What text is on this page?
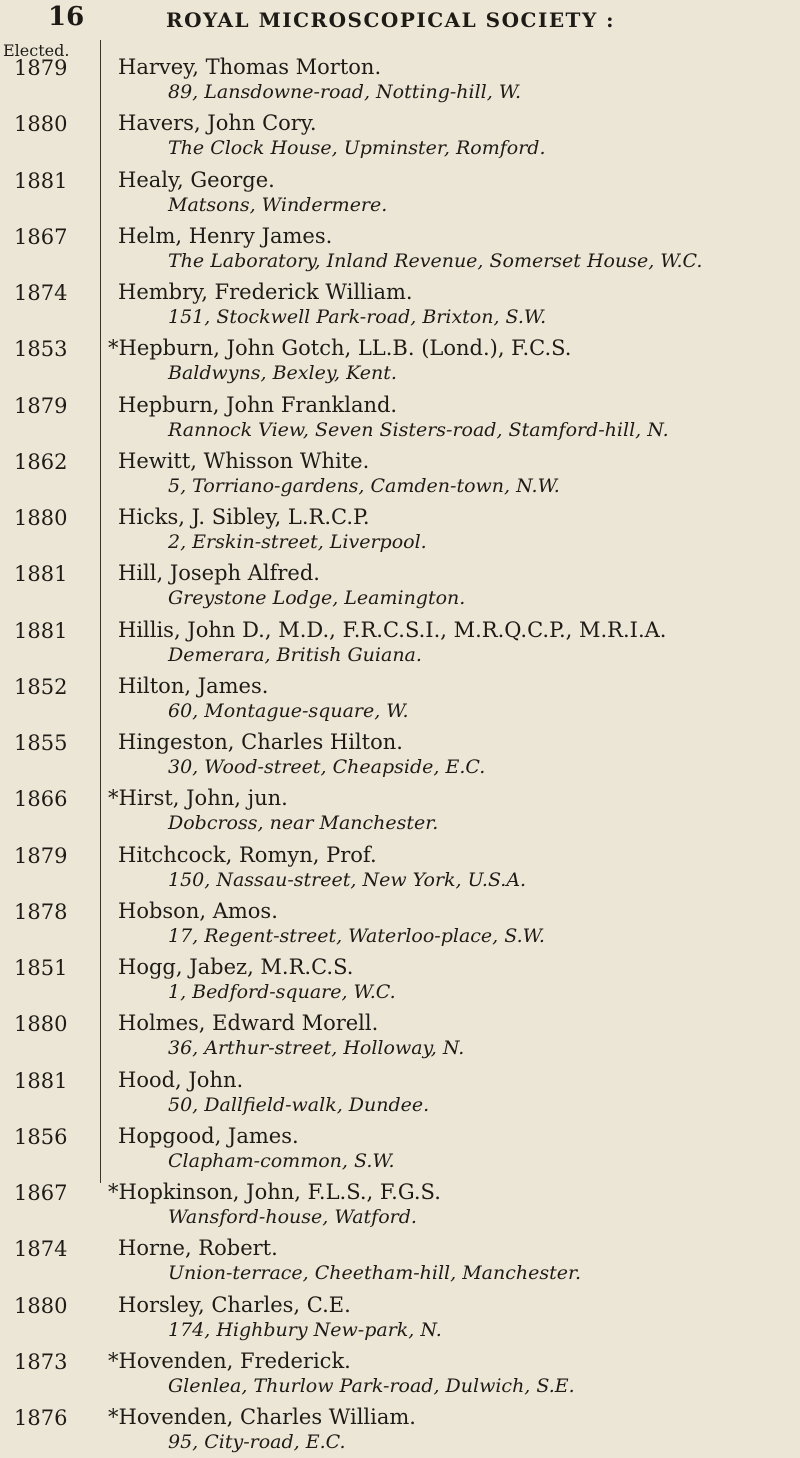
16	ROYAL MICROSCOPICAL SOCIETY :
Elected.
1879 Harvey, Thomas Morton.
89, Lansdowne-road, Notting-hill, W.
1880 Havers, John Cory.
The Clock House, Upminster, Romford.
1881 Healy, George.
Matsons, Windermere.
1867 Helm, Henry James.
The Laboratory, Inland Revenue, Somerset House, W.C.
1874 Hembry, Frederick William.
151, Stockwell Park-road, Brixton, S.W.
1853 *Hepburn, John Gotch, LL.B. (Lond.), F.C.S.
Baldwyns, Bexley, Kent.
1879 Hepburn, John Frankland.
Rannock View, Seven Sisters-road, Stamford-hill, N.
1862 Hewitt, Whisson White.
5, Torriano-gardens, Camden-town, N.W.
1880 Hicks, J. Sibley, L.R.C.P.
2, Erskin-street, Liverpool.
1881 Hill, Joseph Alfred.
Greystone Lodge, Leamington.
1881 Hillis, John D., M.D., F.R.C.S.I., M.R.Q.C.P., M.R.I.A.
Demerara, British Guiana.
1852 Hilton, James.
60, Montague-square, W.
1855 Hingeston, Charles Hilton.
30, Wood-street, Cheapside, E.C.
1866 *Hirst, John, jun.
Dobcross, near Manchester.
1879 Hitchcock, Romyn, Prof.
150, Nassau-street, New York, U.S.A.
1878 Hobson, Amos.
17, Regent-street, Waterloo-place, S.W.
1851 Hogg, Jabez, M.R.C.S.
1, Bedford-square, W.C.
1880 Holmes, Edward Morell.
36, Arthur-street, Holloway, N.
1881 Hood, John.
50, Dallfield-walk, Dundee.
1856 Hopgood, James.
Clapham-common, S.W.
1867 *Hopkinson, John, F.L.S., F.G.S.
Wansford-house, Watford.
1874 Horne, Robert.
Union-terrace, Cheetham-hill, Manchester.
1880 Horsley, Charles, C.E.
174, Highbury New-park, N.
1873 *Hovenden, Frederick.
Glenlea, Thurlow Park-road, Dulwich, S.E.
1876 *Hovenden, Charles William.
95, City-road, E.C.
